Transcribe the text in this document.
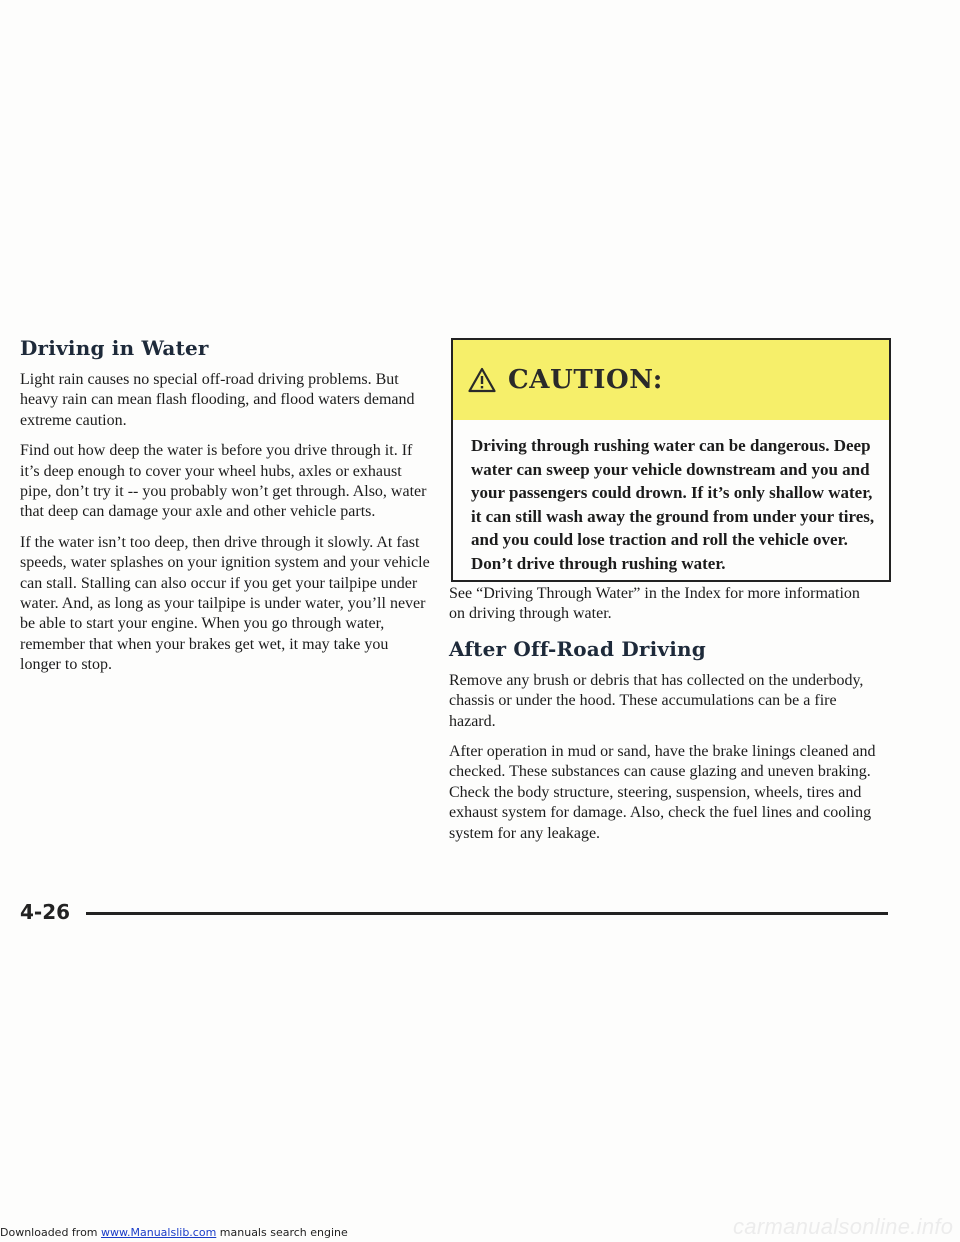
Driving in Water

Light rain causes no special off-road driving problems. But heavy rain can mean flash flooding, and flood waters demand extreme caution.

Find out how deep the water is before you drive through it. If it’s deep enough to cover your wheel hubs, axles or exhaust pipe, don’t try it -- you probably won’t get through. Also, water that deep can damage your axle and other vehicle parts.

If the water isn’t too deep, then drive through it slowly. At fast speeds, water splashes on your ignition system and your vehicle can stall. Stalling can also occur if you get your tailpipe under water. And, as long as your tailpipe is under water, you’ll never be able to start your engine. When you go through water, remember that when your brakes get wet, it may take you longer to stop.

CAUTION:
Driving through rushing water can be dangerous. Deep water can sweep your vehicle downstream and you and your passengers could drown. If it’s only shallow water, it can still wash away the ground from under your tires, and you could lose traction and roll the vehicle over. Don’t drive through rushing water.

See “Driving Through Water” in the Index for more information on driving through water.

After Off-Road Driving

Remove any brush or debris that has collected on the underbody, chassis or under the hood. These accumulations can be a fire hazard.

After operation in mud or sand, have the brake linings cleaned and checked. These substances can cause glazing and uneven braking. Check the body structure, steering, suspension, wheels, tires and exhaust system for damage. Also, check the fuel lines and cooling system for any leakage.

4-26
Downloaded from www.Manualslib.com manuals search engine	carmanualsonline.info
